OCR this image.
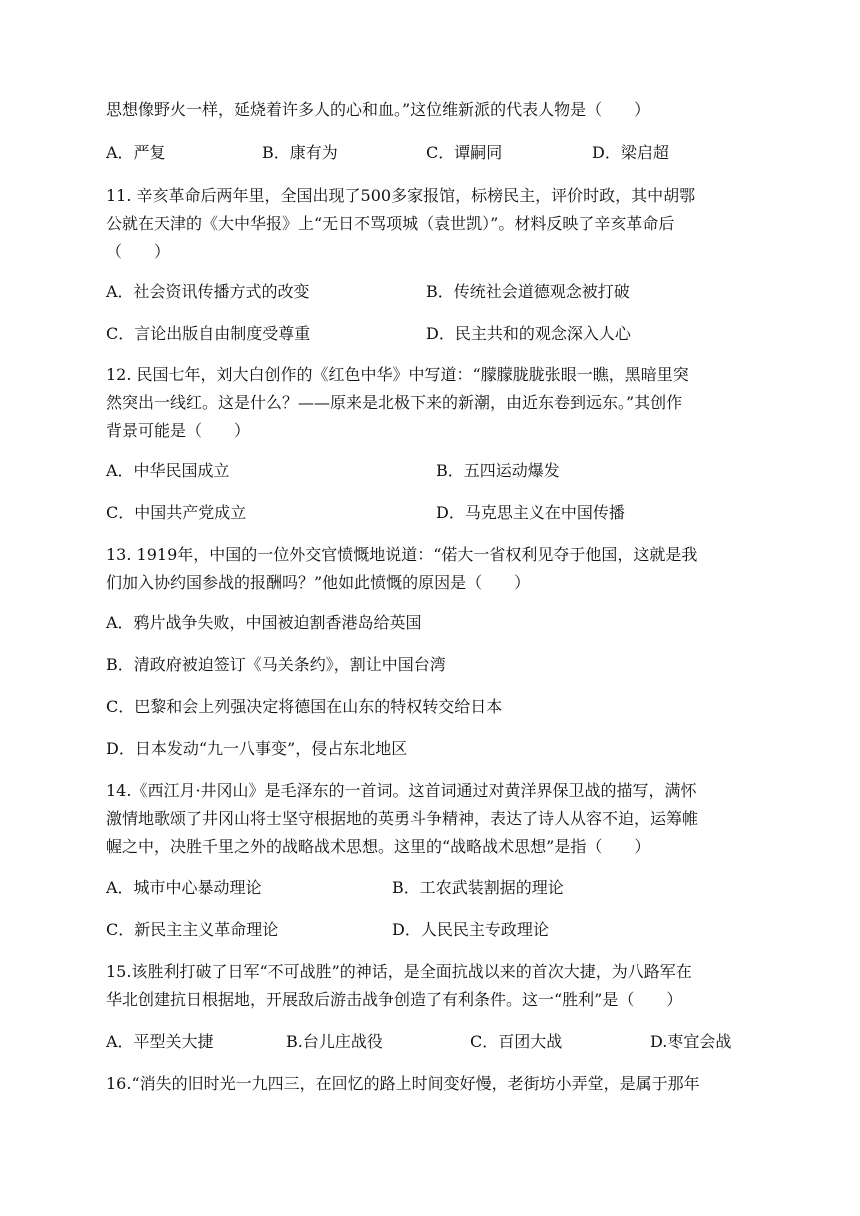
思想像野火一样，延烧着许多人的心和血。”这位维新派的代表人物是（　　）
A．严复	B．康有为	C．谭嗣同	D．梁启超
11. 辛亥革命后两年里，全国出现了500多家报馆，标榜民主，评价时政，其中胡鄂
公就在天津的《大中华报》上“无日不骂项城（袁世凯）”。材料反映了辛亥革命后
（　　）
A．社会资讯传播方式的改变	B．传统社会道德观念被打破
C．言论出版自由制度受尊重	D．民主共和的观念深入人心
12. 民国七年，刘大白创作的《红色中华》中写道：“朦朦胧胧张眼一瞧，黑暗里突
然突出一线红。这是什么？——原来是北极下来的新潮，由近东卷到远东。”其创作
背景可能是（　　）
A．中华民国成立	B．五四运动爆发
C．中国共产党成立	D．马克思主义在中国传播
13. 1919年，中国的一位外交官愤慨地说道：“偌大一省权利见夺于他国，这就是我
们加入协约国参战的报酬吗？”他如此愤慨的原因是（　　）
A．鸦片战争失败，中国被迫割香港岛给英国
B．清政府被迫签订《马关条约》，割让中国台湾
C．巴黎和会上列强决定将德国在山东的特权转交给日本
D．日本发动“九一八事变”，侵占东北地区
14.《西江月·井冈山》是毛泽东的一首词。这首词通过对黄洋界保卫战的描写，满怀
激情地歌颂了井冈山将士坚守根据地的英勇斗争精神，表达了诗人从容不迫，运筹帷
幄之中，决胜千里之外的战略战术思想。这里的“战略战术思想”是指（　　）
A．城市中心暴动理论	B．工农武装割据的理论
C．新民主主义革命理论	D．人民民主专政理论
15.该胜利打破了日军“不可战胜”的神话，是全面抗战以来的首次大捷，为八路军在
华北创建抗日根据地，开展敌后游击战争创造了有利条件。这一“胜利”是（　　）
A．平型关大捷	B.台儿庄战役	C．百团大战	D.枣宜会战
16.“消失的旧时光一九四三，在回忆的路上时间变好慢，老街坊小弄堂，是属于那年
